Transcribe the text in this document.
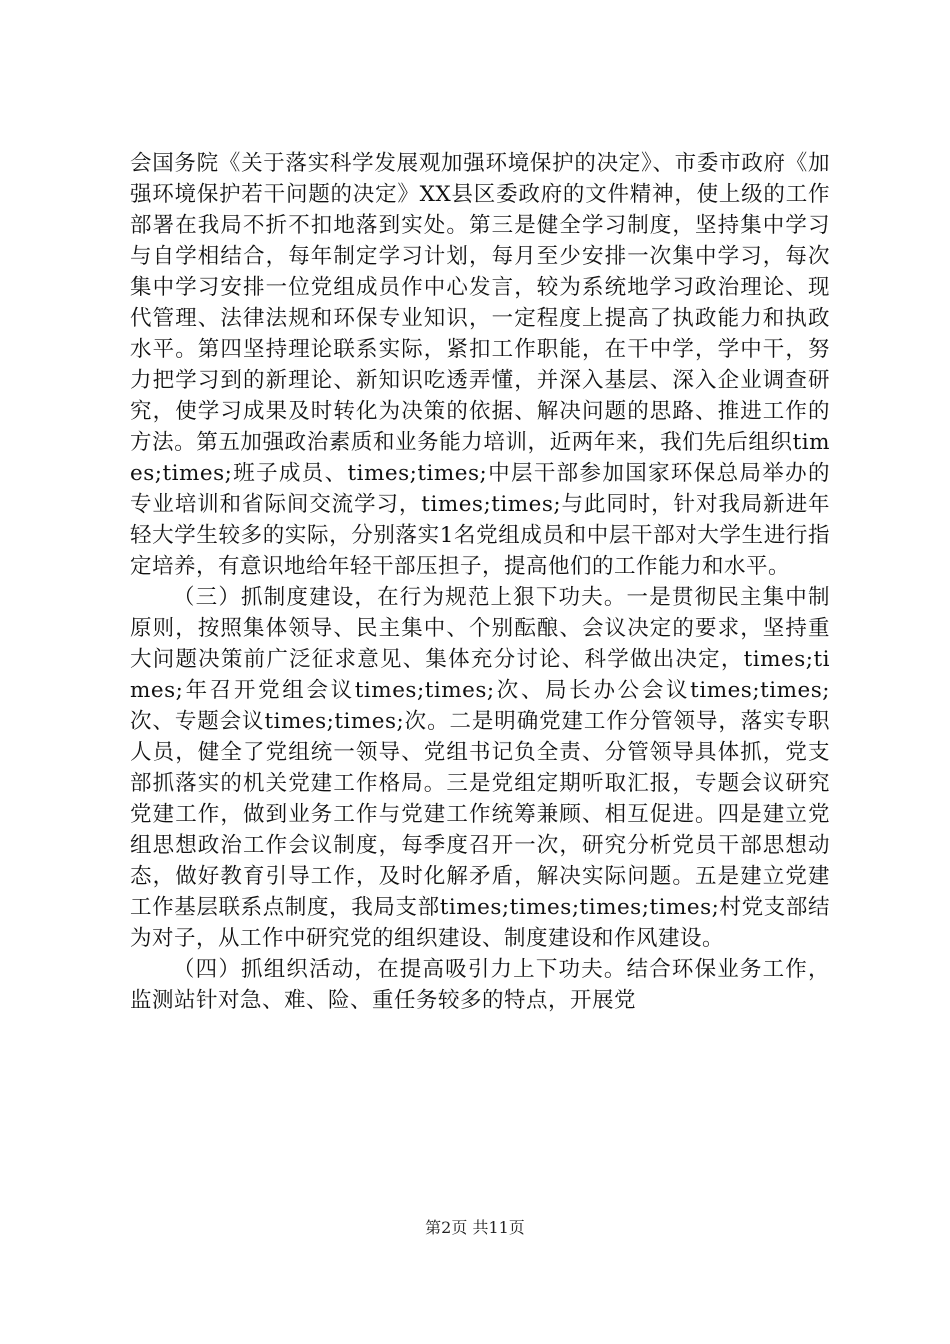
会国务院《关于落实科学发展观加强环境保护的决定》、市委市政府《加强环境保护若干问题的决定》XX县区委政府的文件精神，使上级的工作部署在我局不折不扣地落到实处。第三是健全学习制度，坚持集中学习与自学相结合，每年制定学习计划，每月至少安排一次集中学习，每次集中学习安排一位党组成员作中心发言，较为系统地学习政治理论、现代管理、法律法规和环保专业知识，一定程度上提高了执政能力和执政水平。第四坚持理论联系实际，紧扣工作职能，在干中学，学中干，努力把学习到的新理论、新知识吃透弄懂，并深入基层、深入企业调查研究，使学习成果及时转化为决策的依据、解决问题的思路、推进工作的方法。第五加强政治素质和业务能力培训，近两年来，我们先后组织times;times;班子成员、times;times;中层干部参加国家环保总局举办的专业培训和省际间交流学习，times;times;与此同时，针对我局新进年轻大学生较多的实际，分别落实1名党组成员和中层干部对大学生进行指定培养，有意识地给年轻干部压担子，提高他们的工作能力和水平。

（三）抓制度建设，在行为规范上狠下功夫。一是贯彻民主集中制原则，按照集体领导、民主集中、个别酝酿、会议决定的要求，坚持重大问题决策前广泛征求意见、集体充分讨论、科学做出决定，times;times;年召开党组会议times;times;次、局长办公会议times;times;次、专题会议times;times;次。二是明确党建工作分管领导，落实专职人员，健全了党组统一领导、党组书记负全责、分管领导具体抓，党支部抓落实的机关党建工作格局。三是党组定期听取汇报，专题会议研究党建工作，做到业务工作与党建工作统筹兼顾、相互促进。四是建立党组思想政治工作会议制度，每季度召开一次，研究分析党员干部思想动态，做好教育引导工作，及时化解矛盾，解决实际问题。五是建立党建工作基层联系点制度，我局支部times;times;times;times;村党支部结为对子，从工作中研究党的组织建设、制度建设和作风建设。

（四）抓组织活动，在提高吸引力上下功夫。结合环保业务工作，监测站针对急、难、险、重任务较多的特点，开展党

第2页 共11页
